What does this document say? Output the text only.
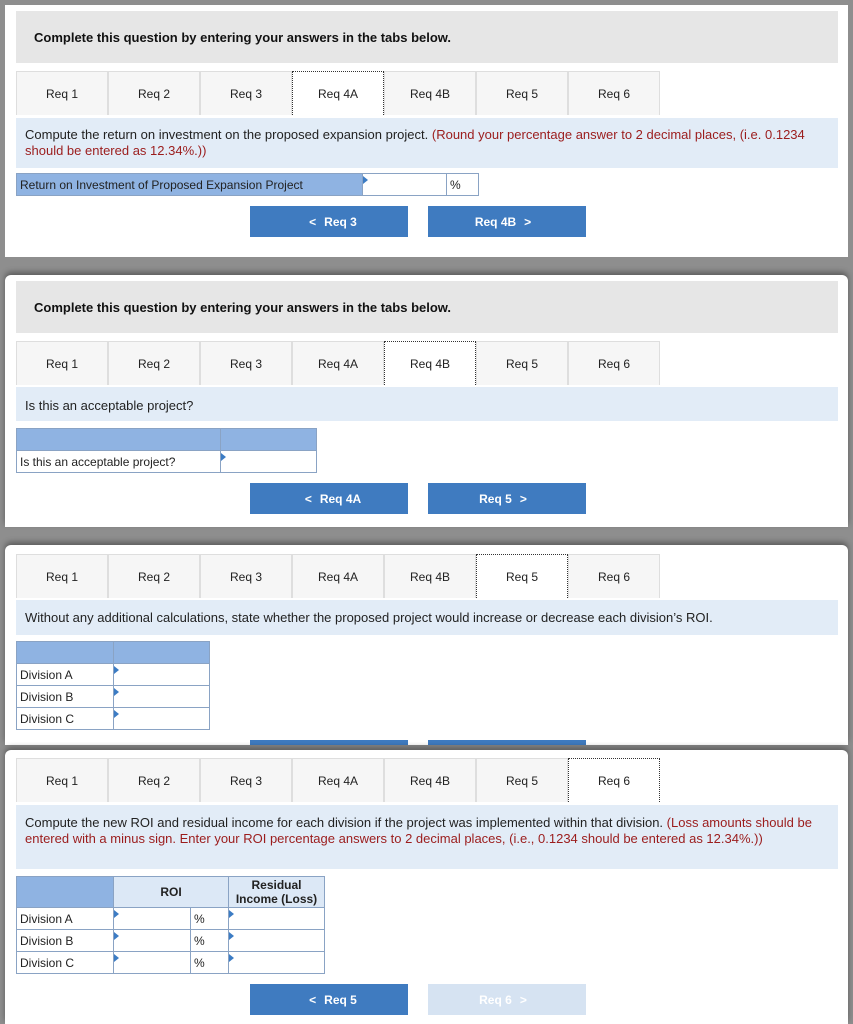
Complete this question by entering your answers in the tabs below.
Req 1	Req 2	Req 3	Req 4A	Req 4B	Req 5	Req 6
Compute the return on investment on the proposed expansion project. (Round your percentage answer to 2 decimal places, (i.e. 0.1234 should be entered as 12.34%.))
Return on Investment of Proposed Expansion Project		%
< Req 3	Req 4B >
Complete this question by entering your answers in the tabs below.
Req 1	Req 2	Req 3	Req 4A	Req 4B	Req 5	Req 6
Is this an acceptable project?

Is this an acceptable project?	
< Req 4A	Req 5 >
Req 1	Req 2	Req 3	Req 4A	Req 4B	Req 5	Req 6
Without any additional calculations, state whether the proposed project would increase or decrease each division’s ROI.

Division A	

Division B	

Division C	
Req 1	Req 2	Req 3	Req 4A	Req 4B	Req 5	Req 6
Compute the new ROI and residual income for each division if the project was implemented within that division. (Loss amounts should be entered with a minus sign. Enter your ROI percentage answers to 2 decimal places, (i.e., 0.1234 should be entered as 12.34%.))
	ROI		Residual
Income (Loss)

Division A		%	

Division B		%	

Division C		%	
< Req 5	Req 6 >
